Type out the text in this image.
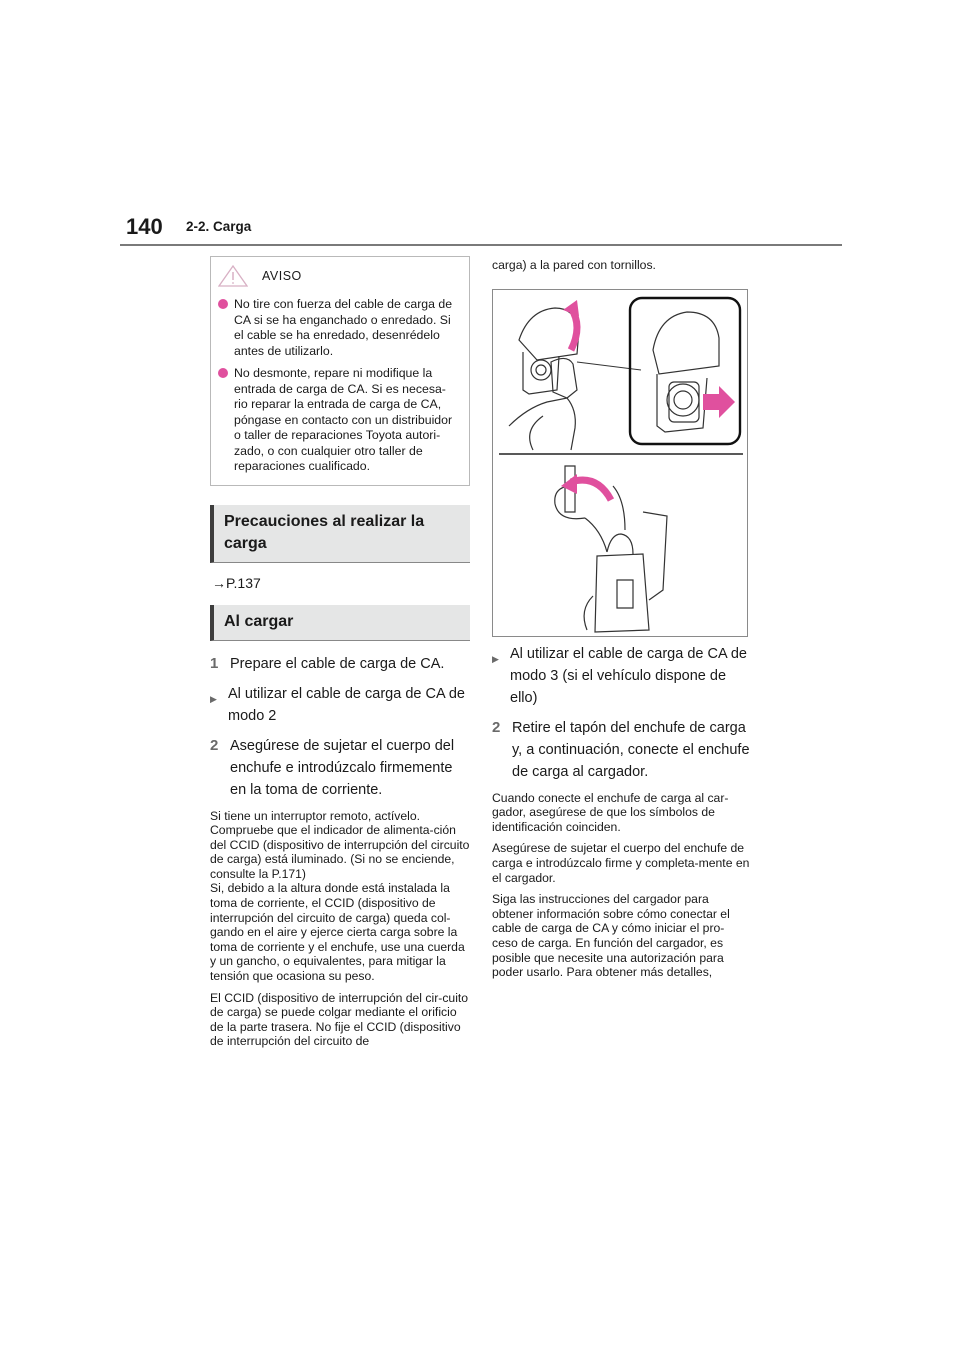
140 2-2. Carga
AVISO
No tire con fuerza del cable de carga de CA si se ha enganchado o enredado. Si el cable se ha enredado, desenrédelo antes de utilizarlo.
No desmonte, repare ni modifique la entrada de carga de CA. Si es necesa-rio reparar la entrada de carga de CA, póngase en contacto con un distribuidor o taller de reparaciones Toyota autori-zado, o con cualquier otro taller de reparaciones cualificado.
Precauciones al realizar la carga
→P.137
Al cargar
1 Prepare el cable de carga de CA.
▶ Al utilizar el cable de carga de CA de modo 2
2 Asegúrese de sujetar el cuerpo del enchufe e introdúzcalo firmemente en la toma de corriente.

Si tiene un interruptor remoto, actívelo. Compruebe que el indicador de alimenta-ción del CCID (dispositivo de interrupción del circuito de carga) está iluminado. (Si no se enciende, consulte la P.171)

Si, debido a la altura donde está instalada la toma de corriente, el CCID (dispositivo de interrupción del circuito de carga) queda col-gando en el aire y ejerce cierta carga sobre la toma de corriente y el enchufe, use una cuerda y un gancho, o equivalentes, para mitigar la tensión que ocasiona su peso.

El CCID (dispositivo de interrupción del cir-cuito de carga) se puede colgar mediante el orificio de la parte trasera. No fije el CCID (dispositivo de interrupción del circuito de

carga) a la pared con tornillos.

▶ Al utilizar el cable de carga de CA de modo 3 (si el vehículo dispone de ello)
2 Retire el tapón del enchufe de carga y, a continuación, conecte el enchufe de carga al cargador.

Cuando conecte el enchufe de carga al car-gador, asegúrese de que los símbolos de identificación coinciden.

Asegúrese de sujetar el cuerpo del enchufe de carga e introdúzcalo firme y completa-mente en el cargador.

Siga las instrucciones del cargador para obtener información sobre cómo conectar el cable de carga de CA y cómo iniciar el pro-ceso de carga. En función del cargador, es posible que necesite una autorización para poder usarlo. Para obtener más detalles,
